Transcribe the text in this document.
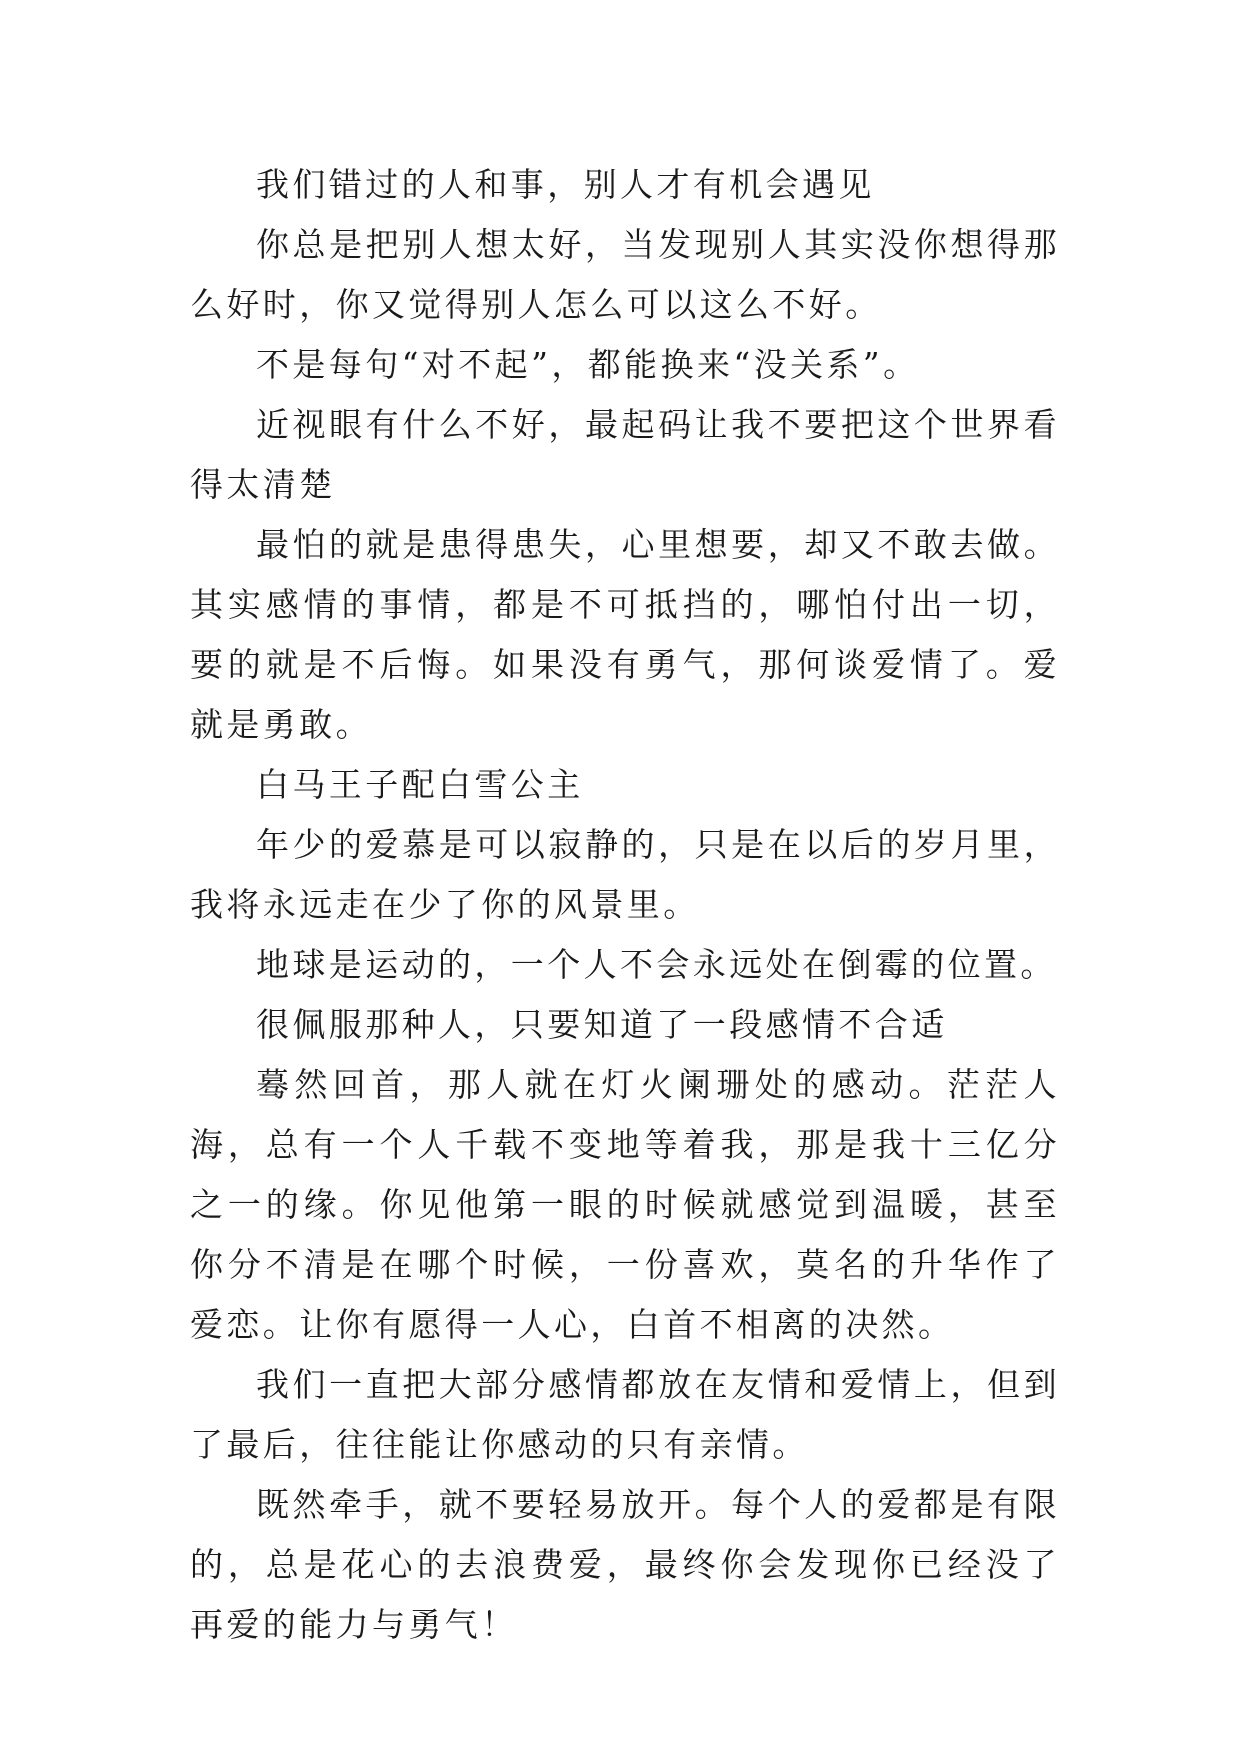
我们错过的人和事，别人才有机会遇见

你总是把别人想太好，当发现别人其实没你想得那么好时，你又觉得别人怎么可以这么不好。

不是每句“对不起”，都能换来“没关系”。

近视眼有什么不好，最起码让我不要把这个世界看得太清楚

最怕的就是患得患失，心里想要，却又不敢去做。其实感情的事情，都是不可抵挡的，哪怕付出一切，要的就是不后悔。如果没有勇气，那何谈爱情了。爱就是勇敢。

白马王子配白雪公主

年少的爱慕是可以寂静的，只是在以后的岁月里，我将永远走在少了你的风景里。

地球是运动的，一个人不会永远处在倒霉的位置。

很佩服那种人，只要知道了一段感情不合适

蓦然回首，那人就在灯火阑珊处的感动。茫茫人海，总有一个人千载不变地等着我，那是我十三亿分之一的缘。你见他第一眼的时候就感觉到温暖，甚至你分不清是在哪个时候，一份喜欢，莫名的升华作了爱恋。让你有愿得一人心，白首不相离的决然。

我们一直把大部分感情都放在友情和爱情上，但到了最后，往往能让你感动的只有亲情。

既然牵手，就不要轻易放开。每个人的爱都是有限的，总是花心的去浪费爱，最终你会发现你已经没了再爱的能力与勇气！
